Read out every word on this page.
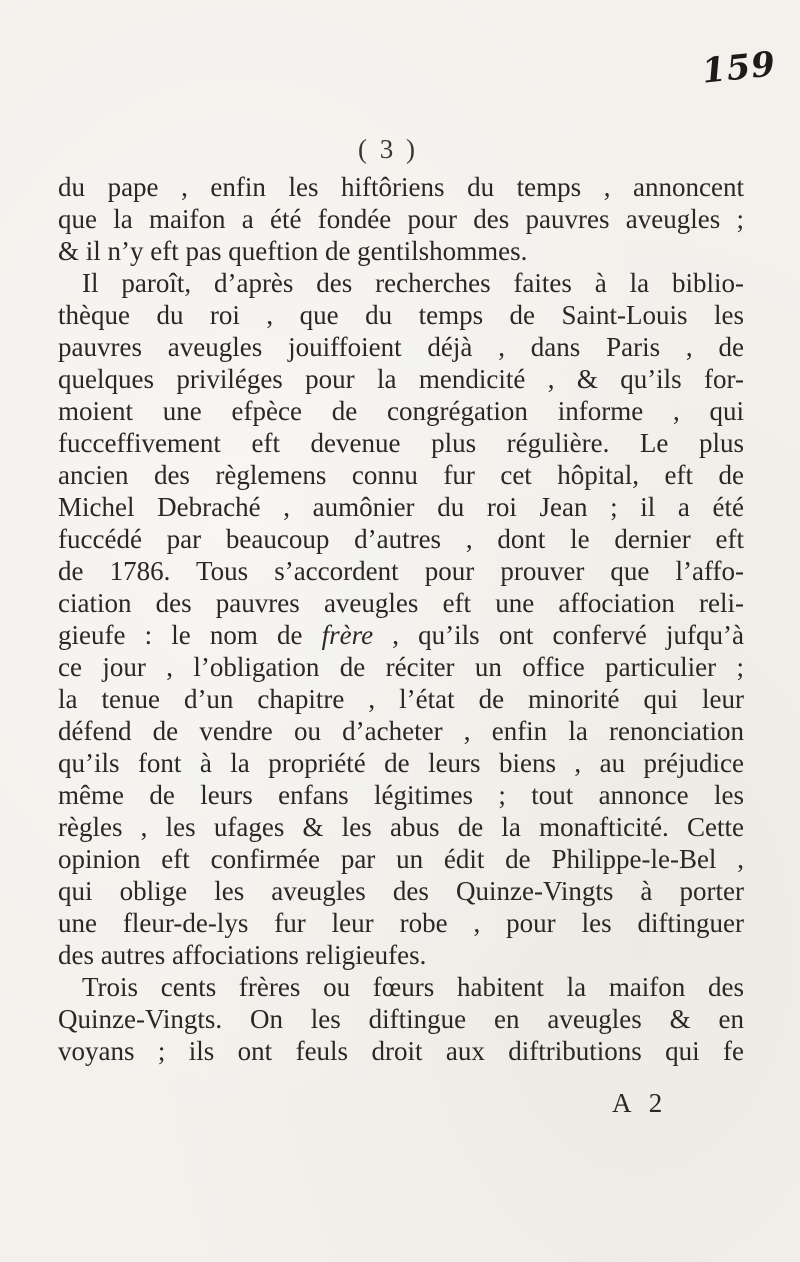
159
( 3 )
du pape , enfin les hiftôriens du temps , annoncent
que la maifon a été fondée pour des pauvres aveugles ;
& il n’y eft pas queftion de gentilshommes.
Il paroît, d’après des recherches faites à la biblio-
thèque du roi , que du temps de Saint-Louis les
pauvres aveugles jouiffoient déjà , dans Paris , de
quelques priviléges pour la mendicité , & qu’ils for-
moient une efpèce de congrégation informe , qui
fucceffivement eft devenue plus régulière. Le plus
ancien des règlemens connu fur cet hôpital, eft de
Michel Debraché , aumônier du roi Jean ; il a été
fuccédé par beaucoup d’autres , dont le dernier eft
de 1786. Tous s’accordent pour prouver que l’affo-
ciation des pauvres aveugles eft une affociation reli-
gieufe : le nom de frère , qu’ils ont confervé jufqu’à
ce jour , l’obligation de réciter un office particulier ;
la tenue d’un chapitre , l’état de minorité qui leur
défend de vendre ou d’acheter , enfin la renonciation
qu’ils font à la propriété de leurs biens , au préjudice
même de leurs enfans légitimes ; tout annonce les
règles , les ufages & les abus de la monafticité. Cette
opinion eft confirmée par un édit de Philippe-le-Bel ,
qui oblige les aveugles des Quinze-Vingts à porter
une fleur-de-lys fur leur robe , pour les diftinguer
des autres affociations religieufes.
Trois cents frères ou fœurs habitent la maifon des
Quinze-Vingts. On les diftingue en aveugles & en
voyans ; ils ont feuls droit aux diftributions qui fe
A 2
